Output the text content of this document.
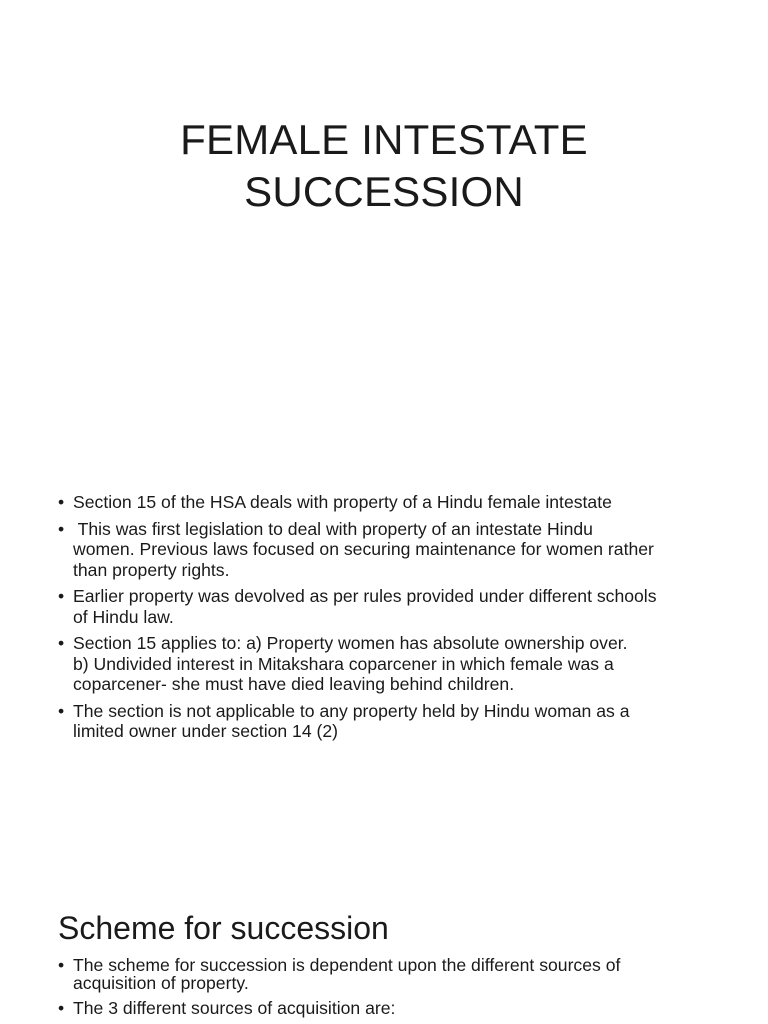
FEMALE INTESTATE
SUCCESSION
• Section 15 of the HSA deals with property of a Hindu female intestate
•  This was first legislation to deal with property of an intestate Hindu
women. Previous laws focused on securing maintenance for women rather
than property rights.
• Earlier property was devolved as per rules provided under different schools
of Hindu law.
• Section 15 applies to: a) Property women has absolute ownership over.
b) Undivided interest in Mitakshara coparcener in which female was a
coparcener- she must have died leaving behind children.
• The section is not applicable to any property held by Hindu woman as a
limited owner under section 14 (2)
Scheme for succession
• The scheme for succession is dependent upon the different sources of
acquisition of property.
• The 3 different sources of acquisition are:
